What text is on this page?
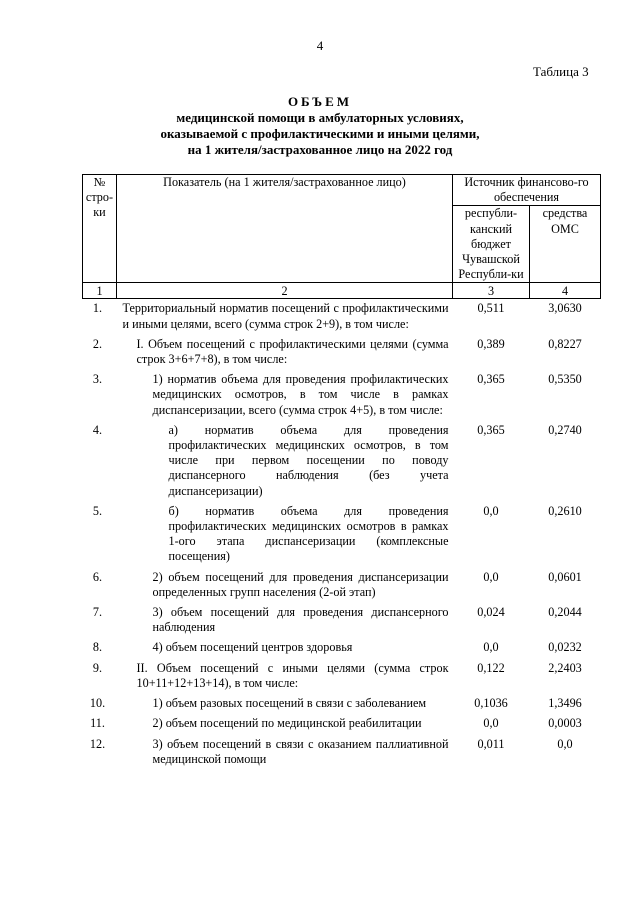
4
Таблица 3
ОБЪЕМ
медицинской помощи в амбулаторных условиях,
оказываемой с профилактическими и иными целями,
на 1 жителя/застрахованное лицо на 2022 год
№ стро-ки	Показатель (на 1 жителя/застрахованное лицо)	Источник финансово-го обеспечения	
		республи-канский бюджет Чувашской Республи-ки	средства ОМС
1	2	3	4
1.	Территориальный норматив посещений с профилактическими и иными целями, всего (сумма строк 2+9), в том числе:	0,511	3,0630
2.	I. Объем посещений с профилактическими целями (сумма строк 3+6+7+8), в том числе:	0,389	0,8227
3.	1) норматив объема для проведения профилактических медицинских осмотров, в том числе в рамках диспансеризации, всего (сумма строк 4+5), в том числе:	0,365	0,5350
4.	а) норматив объема для проведения профилактических медицинских осмотров, в том числе при первом посещении по поводу диспансерного наблюдения (без учета диспансеризации)	0,365	0,2740
5.	б) норматив объема для проведения профилактических медицинских осмотров в рамках 1-ого этапа диспансеризации (комплексные посещения)	0,0	0,2610
6.	2) объем посещений для проведения диспансеризации определенных групп населения (2-ой этап)	0,0	0,0601
7.	3) объем посещений для проведения диспансерного наблюдения	0,024	0,2044
8.	4) объем посещений центров здоровья	0,0	0,0232
9.	II. Объем посещений с иными целями (сумма строк 10+11+12+13+14), в том числе:	0,122	2,2403
10.	1) объем разовых посещений в связи с заболеванием	0,1036	1,3496
11.	2) объем посещений по медицинской реабилитации	0,0	0,0003
12.	3) объем посещений в связи с оказанием паллиативной медицинской помощи	0,011	0,0
